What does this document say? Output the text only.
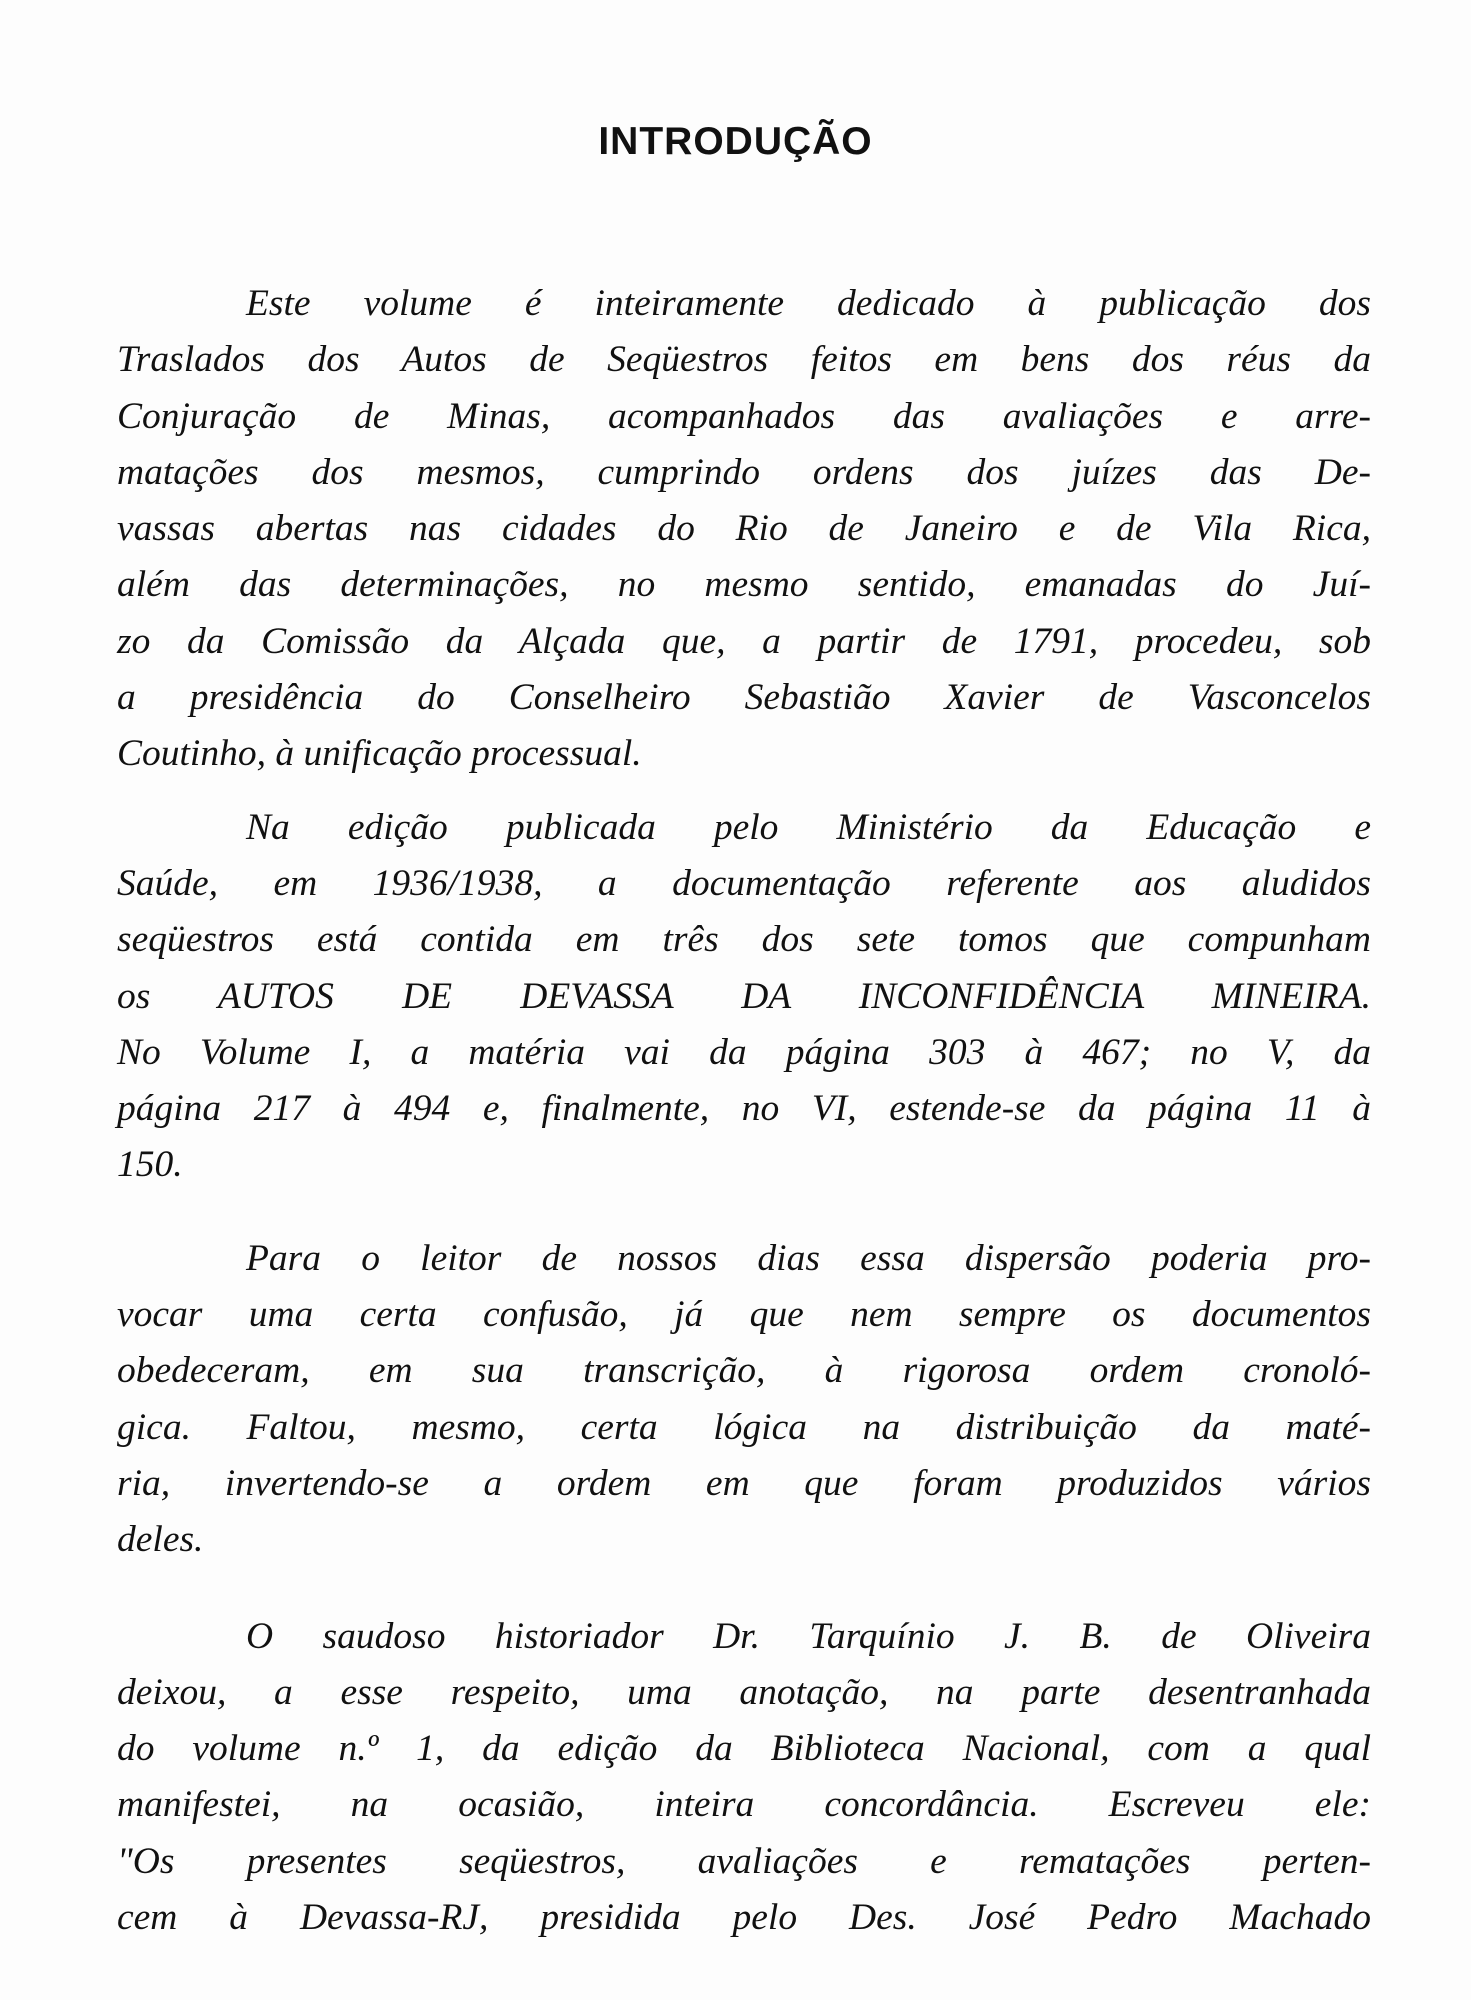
INTRODUÇÃO

Este volume é inteiramente dedicado à publicação dos
Traslados dos Autos de Seqüestros feitos em bens dos réus da
Conjuração de Minas, acompanhados das avaliações e arre-
matações dos mesmos, cumprindo ordens dos juízes das De-
vassas abertas nas cidades do Rio de Janeiro e de Vila Rica,
além das determinações, no mesmo sentido, emanadas do Juí-
zo da Comissão da Alçada que, a partir de 1791, procedeu, sob
a presidência do Conselheiro Sebastião Xavier de Vasconcelos
Coutinho, à unificação processual.

Na edição publicada pelo Ministério da Educação e
Saúde, em 1936/1938, a documentação referente aos aludidos
seqüestros está contida em três dos sete tomos que compunham
os AUTOS DE DEVASSA DA INCONFIDÊNCIA MINEIRA.
No Volume I, a matéria vai da página 303 à 467; no V, da
página 217 à 494 e, finalmente, no VI, estende-se da página 11 à
150.

Para o leitor de nossos dias essa dispersão poderia pro-
vocar uma certa confusão, já que nem sempre os documentos
obedeceram, em sua transcrição, à rigorosa ordem cronoló-
gica. Faltou, mesmo, certa lógica na distribuição da maté-
ria, invertendo-se a ordem em que foram produzidos vários
deles.

O saudoso historiador Dr. Tarquínio J. B. de Oliveira
deixou, a esse respeito, uma anotação, na parte desentranhada
do volume n.º 1, da edição da Biblioteca Nacional, com a qual
manifestei, na ocasião, inteira concordância. Escreveu ele:
"Os presentes seqüestros, avaliações e rematações perten-
cem à Devassa-RJ, presidida pelo Des. José Pedro Machado
